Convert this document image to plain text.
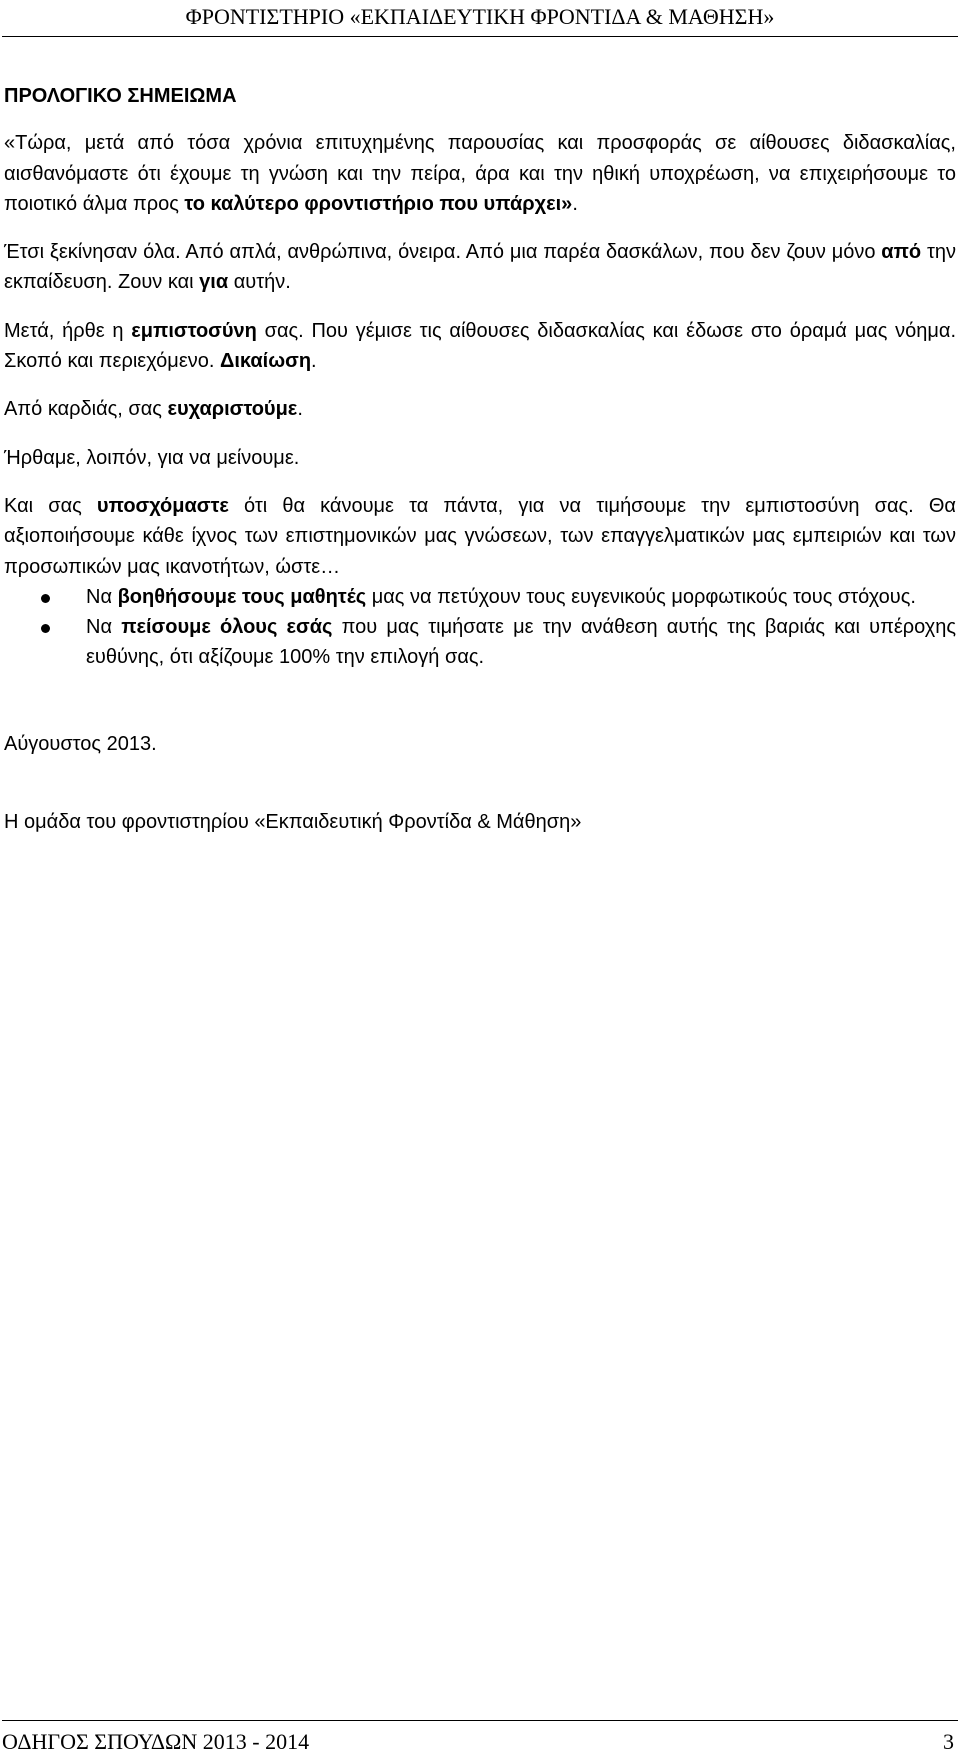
ΦΡΟΝΤΙΣΤΗΡΙΟ «ΕΚΠΑΙΔΕΥΤΙΚΗ ΦΡΟΝΤΙΔΑ & ΜΑΘΗΣΗ»
ΠΡΟΛΟΓΙΚΟ ΣΗΜΕΙΩΜΑ

«Τώρα, μετά από τόσα χρόνια επιτυχημένης παρουσίας και προσφοράς σε αίθουσες διδασκαλίας, αισθανόμαστε ότι έχουμε τη γνώση και την πείρα, άρα και την ηθική υποχρέωση, να επιχειρήσουμε το ποιοτικό άλμα προς το καλύτερο φροντιστήριο που υπάρχει».

Έτσι ξεκίνησαν όλα. Από απλά, ανθρώπινα, όνειρα. Από μια παρέα δασκάλων, που δεν ζουν μόνο από την εκπαίδευση. Ζουν και για αυτήν.

Μετά, ήρθε η εμπιστοσύνη σας. Που γέμισε τις αίθουσες διδασκαλίας και έδωσε στο όραμά μας νόημα. Σκοπό και περιεχόμενο. Δικαίωση.

Από καρδιάς, σας ευχαριστούμε.

Ήρθαμε, λοιπόν, για να μείνουμε.

Και σας υποσχόμαστε ότι θα κάνουμε τα πάντα, για να τιμήσουμε την εμπιστοσύνη σας. Θα αξιοποιήσουμε κάθε ίχνος των επιστημονικών μας γνώσεων, των επαγγελματικών μας εμπειριών και των προσωπικών μας ικανοτήτων, ώστε…

Να βοηθήσουμε τους μαθητές μας να πετύχουν τους ευγενικούς μορφωτικούς τους στόχους.
Να πείσουμε όλους εσάς που μας τιμήσατε με την ανάθεση αυτής της βαριάς και υπέροχης ευθύνης, ότι αξίζουμε 100% την επιλογή σας.
Αύγουστος 2013.
Η ομάδα του φροντιστηρίου «Εκπαιδευτική Φροντίδα & Μάθηση»
ΟΔΗΓΟΣ ΣΠΟΥΔΩΝ 2013 - 2014	3
